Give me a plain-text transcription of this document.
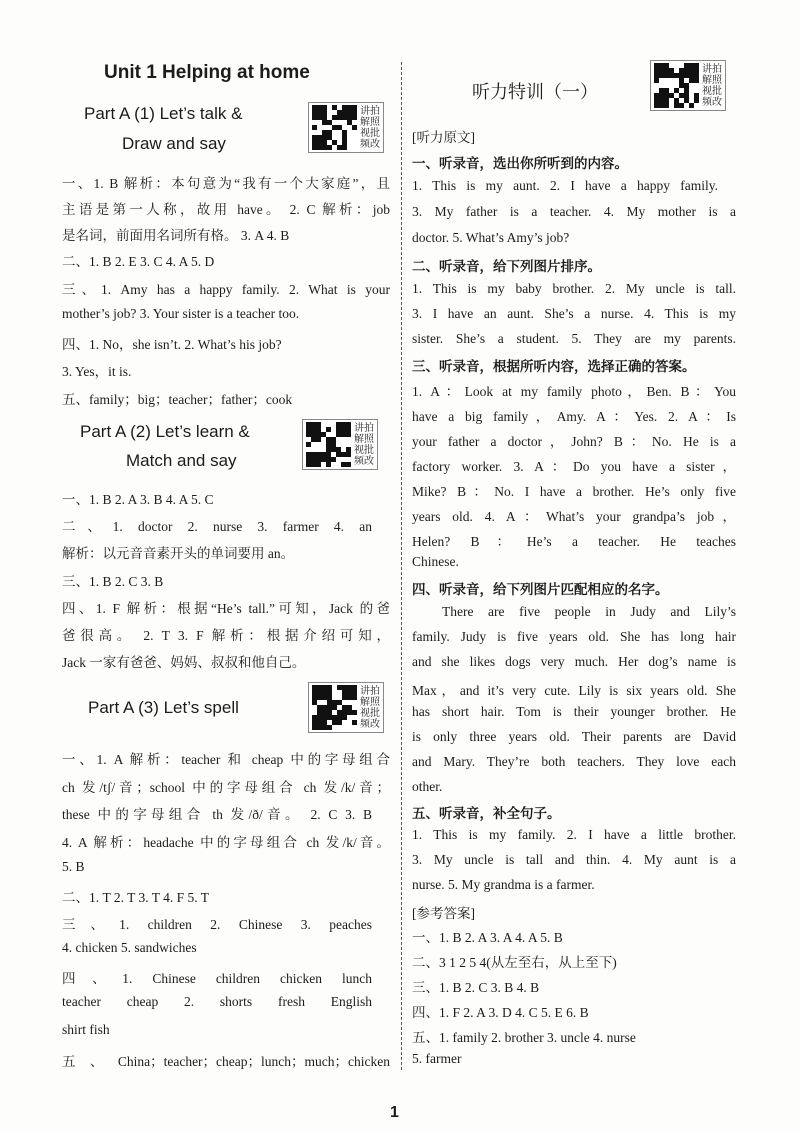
Unit 1 Helping at home
Part A (1) Let’s talk &
Draw and say
讲 拍
解 照
视 批
频 改
一、1. B 解析：本句意为“我有一个大家庭”，且
主语是第一人称，故用 have。 2. C 解析：job
是名词，前面用名词所有格。 3. A 4. B
二、1. B 2. E 3. C 4. A 5. D
三、1. Amy has a happy family. 2. What is your
mother’s job? 3. Your sister is a teacher too.
四、1. No，she isn’t. 2. What’s his job?
3. Yes，it is.
五、family；big；teacher；father；cook
Part A (2) Let’s learn &
Match and say
讲 拍
解 照
视 批
频 改
一、1. B 2. A 3. B 4. A 5. C
二、1. doctor 2. nurse 3. farmer 4. an
解析：以元音音素开头的单词要用 an。
三、1. B 2. C 3. B
四、1. F 解析：根据“He’s tall.”可知，Jack 的爸
爸很高。 2. T 3. F 解析：根据介绍可知，
Jack 一家有爸爸、妈妈、叔叔和他自己。
Part A (3) Let’s spell
讲 拍
解 照
视 批
频 改
一、1. A 解析：teacher 和 cheap 中的字母组合
ch 发/tʃ/音；school 中的字母组合 ch 发/k/音；
these 中的字母组合 th 发/ð/音。 2. C 3. B
4. A 解析：headache 中的字母组合 ch 发/k/音。
5. B
二、1. T 2. T 3. T 4. F 5. T
三、1. children 2. Chinese 3. peaches
4. chicken 5. sandwiches
四、1. Chinese children chicken lunch
teacher cheap 2. shorts fresh English
shirt fish
五、China；teacher；cheap；lunch；much；chicken
听力特训（一）
讲 拍
解 照
视 批
频 改
[听力原文]
一、听录音，选出你所听到的内容。
1. This is my aunt. 2. I have a happy family.
3. My father is a teacher. 4. My mother is a
doctor. 5. What’s Amy’s job?
二、听录音，给下列图片排序。
1. This is my baby brother. 2. My uncle is tall.
3. I have an aunt. She’s a nurse. 4. This is my
sister. She’s a student. 5. They are my parents.
三、听录音，根据所听内容，选择正确的答案。
1. A：Look at my family photo，Ben. B：You
have a big family，Amy. A：Yes. 2. A：Is
your father a doctor，John? B：No. He is a
factory worker. 3. A：Do you have a sister，
Mike? B：No. I have a brother. He’s only five
years old. 4. A：What’s your grandpa’s job，
Helen? B：He’s a teacher. He teaches
Chinese.
四、听录音，给下列图片匹配相应的名字。
There are five people in Judy and Lily’s
family. Judy is five years old. She has long hair
and she likes dogs very much. Her dog’s name is
Max，and it’s very cute. Lily is six years old. She
has short hair. Tom is their younger brother. He
is only three years old. Their parents are David
and Mary. They’re both teachers. They love each
other.
五、听录音，补全句子。
1. This is my family. 2. I have a little brother.
3. My uncle is tall and thin. 4. My aunt is a
nurse. 5. My grandma is a farmer.
[参考答案]
一、1. B 2. A 3. A 4. A 5. B
二、3 1 2 5 4(从左至右，从上至下)
三、1. B 2. C 3. B 4. B
四、1. F 2. A 3. D 4. C 5. E 6. B
五、1. family 2. brother 3. uncle 4. nurse
5. farmer
1
